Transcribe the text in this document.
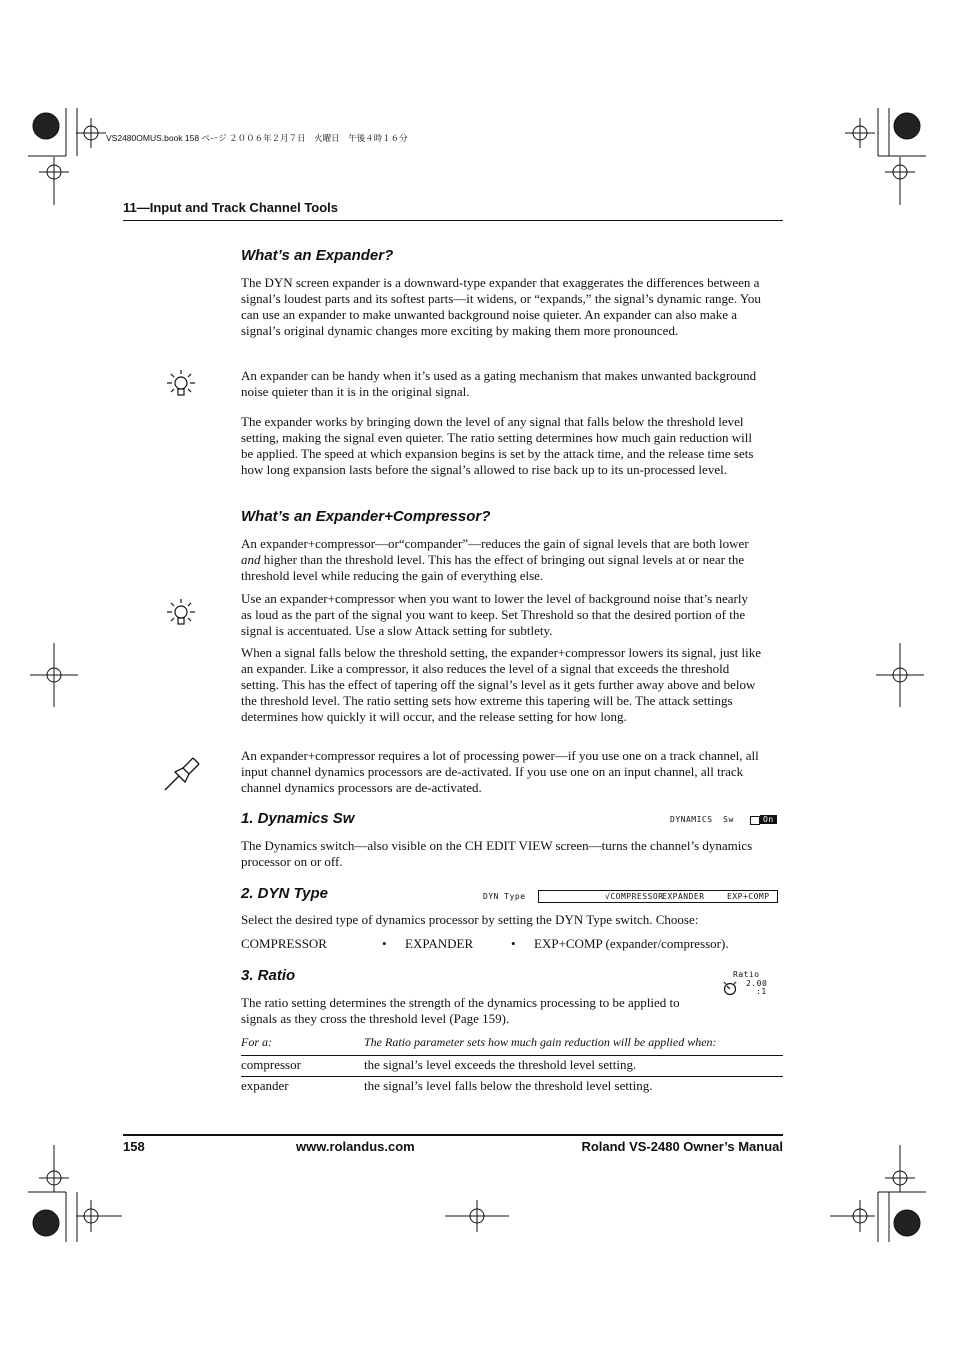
VS2480OMUS.book 158 ページ ２００６年２月７日　火曜日　午後４時１６分
11—Input and Track Channel Tools
What’s an Expander?

The DYN screen expander is a downward-type expander that exaggerates the differences between a signal’s loudest parts and its softest parts—it widens, or “expands,” the signal’s dynamic range. You can use an expander to make unwanted background noise quieter. An expander can also make a signal’s original dynamic changes more exciting by making them more pronounced.

An expander can be handy when it’s used as a gating mechanism that makes unwanted background noise quieter than it is in the original signal.

The expander works by bringing down the level of any signal that falls below the threshold level setting, making the signal even quieter. The ratio setting determines how much gain reduction will be applied. The speed at which expansion begins is set by the attack time, and the release time sets how long expansion lasts before the signal’s allowed to rise back up to its un-processed level.

What’s an Expander+Compressor?

An expander+compressor—or“compander”—reduces the gain of signal levels that are both lower and higher than the threshold level. This has the effect of bringing out signal levels at or near the threshold level while reducing the gain of everything else.

Use an expander+compressor when you want to lower the level of background noise that’s nearly as loud as the part of the signal you want to keep. Set Threshold so that the desired portion of the signal is accentuated. Use a slow Attack setting for subtlety.

When a signal falls below the threshold setting, the expander+compressor lowers its signal, just like an expander. Like a compressor, it also reduces the level of a signal that exceeds the threshold setting. This has the effect of tapering off the signal’s level as it gets further away above and below the threshold level. The ratio setting sets how extreme this tapering will be. The attack settings determines how quickly it will occur, and the release setting for how long.

An expander+compressor requires a lot of processing power—if you use one on a track channel, all input channel dynamics processors are de-activated. If you use one on an input channel, all track channel dynamics processors are de-activated.

1. Dynamics Sw	DYNAMICS  Sw	On

The Dynamics switch—also visible on the CH EDIT VIEW screen—turns the channel’s dynamics processor on or off.

2. DYN Type	DYN Type	√COMPRESSOR
EXPANDER	EXP+COMP

Select the desired type of dynamics processor by setting the DYN Type switch. Choose:

COMPRESSOR	• EXPANDER	• EXP+COMP (expander/compressor).
3. Ratio	Ratio
2.00
:1

The ratio setting determines the strength of the dynamics processing to be applied to signals as they cross the threshold level (Page 159).

For a:	The Ratio parameter sets how much gain reduction will be applied when:
compressor	the signal’s level exceeds the threshold level setting.
expander	the signal’s level falls below the threshold level setting.
158	www.rolandus.com	Roland VS-2480 Owner’s Manual
